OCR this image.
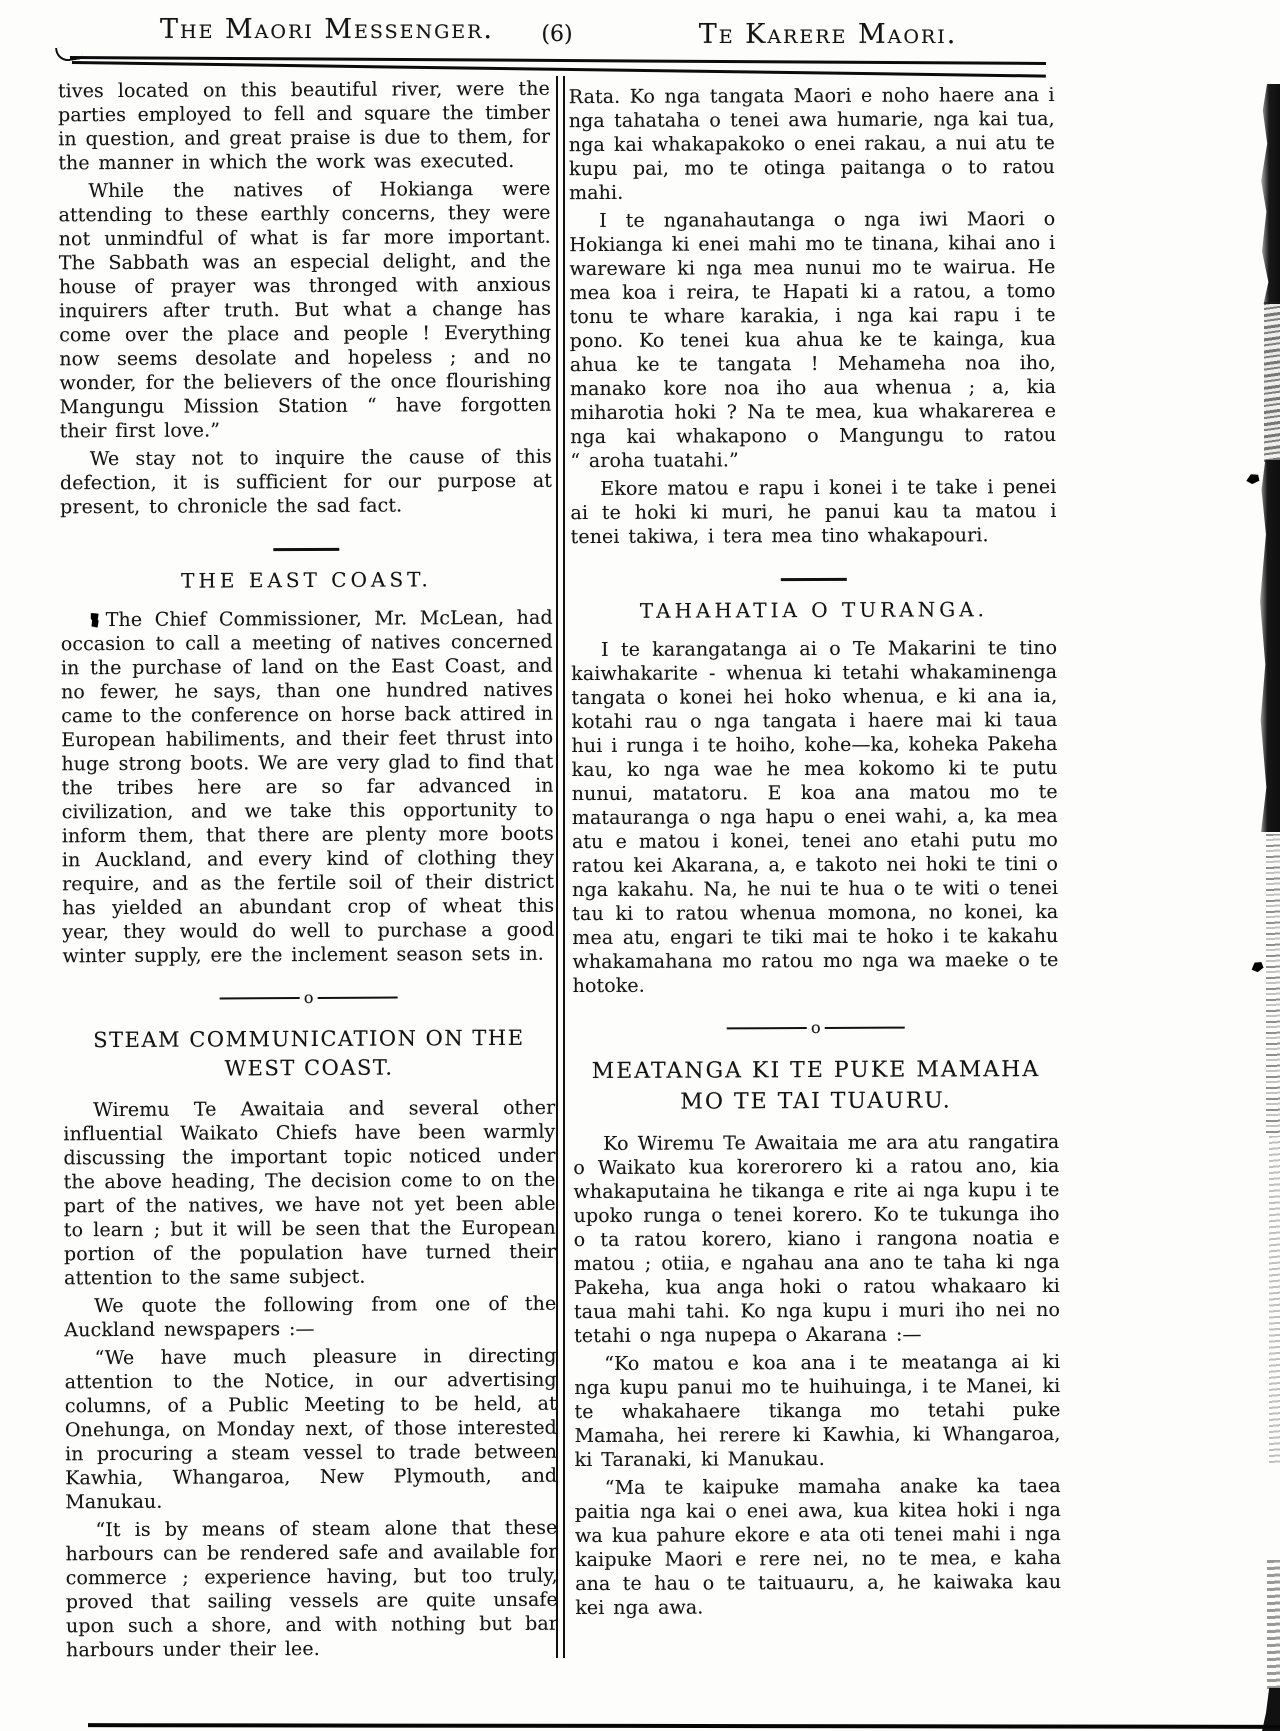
The Maori Messenger.	(6)	Te Karere Maori.

tives located on this beautiful river, were the parties employed to fell and square the timber in question, and great praise is due to them, for the manner in which the work was executed.

While the natives of Hokianga were attending to these earthly concerns, they were not unmindful of what is far more important. The Sabbath was an especial delight, and the house of prayer was thronged with anxious inquirers after truth. But what a change has come over the place and people ! Everything now seems desolate and hopeless ; and no wonder, for the believers of the once flourishing Mangungu Mission Station “ have forgotten their first love.”

We stay not to inquire the cause of this defection, it is sufficient for our purpose at present, to chronicle the sad fact.

THE EAST COAST.

The Chief Commissioner, Mr. McLean, had occasion to call a meeting of natives concerned in the purchase of land on the East Coast, and no fewer, he says, than one hundred natives came to the conference on horse back attired in European habiliments, and their feet thrust into huge strong boots. We are very glad to find that the tribes here are so far advanced in civilization, and we take this opportunity to inform them, that there are plenty more boots in Auckland, and every kind of clothing they require, and as the fertile soil of their district has yielded an abundant crop of wheat this year, they would do well to purchase a good winter supply, ere the inclement season sets in.

o
STEAM COMMUNICATION ON THE WEST COAST.

Wiremu Te Awaitaia and several other influential Waikato Chiefs have been warmly discussing the important topic noticed under the above heading, The decision come to on the part of the natives, we have not yet been able to learn ; but it will be seen that the European portion of the population have turned their attention to the same subject.

We quote the following from one of the Auckland newspapers :—

“We have much pleasure in directing attention to the Notice, in our advertising columns, of a Public Meeting to be held, at Onehunga, on Monday next, of those interested in procuring a steam vessel to trade between Kawhia, Whangaroa, New Plymouth, and Manukau.

“It is by means of steam alone that these harbours can be rendered safe and available for commerce ; experience having, but too truly, proved that sailing vessels are quite unsafe upon such a shore, and with nothing but bar harbours under their lee.

Rata. Ko nga tangata Maori e noho haere ana i nga tahataha o tenei awa humarie, nga kai tua, nga kai whakapakoko o enei rakau, a nui atu te kupu pai, mo te otinga paitanga o to ratou mahi.

I te nganahautanga o nga iwi Maori o Hokianga ki enei mahi mo te tinana, kihai ano i wareware ki nga mea nunui mo te wairua. He mea koa i reira, te Hapati ki a ratou, a tomo tonu te whare karakia, i nga kai rapu i te pono. Ko tenei kua ahua ke te kainga, kua ahua ke te tangata ! Mehameha noa iho, manako kore noa iho aua whenua ; a, kia miharotia hoki ? Na te mea, kua whakarerea e nga kai whakapono o Mangungu to ratou “ aroha tuatahi.”

Ekore matou e rapu i konei i te take i penei ai te hoki ki muri, he panui kau ta matou i tenei takiwa, i tera mea tino whakapouri.

TAHAHATIA O TURANGA.

I te karangatanga ai o Te Makarini te tino kaiwhakarite - whenua ki tetahi whakaminenga tangata o konei hei hoko whenua, e ki ana ia, kotahi rau o nga tangata i haere mai ki taua hui i runga i te hoiho, kohe—ka, koheka Pakeha kau, ko nga wae he mea kokomo ki te putu nunui, matatoru. E koa ana matou mo te matauranga o nga hapu o enei wahi, a, ka mea atu e matou i konei, tenei ano etahi putu mo ratou kei Akarana, a, e takoto nei hoki te tini o nga kakahu. Na, he nui te hua o te witi o tenei tau ki to ratou whenua momona, no konei, ka mea atu, engari te tiki mai te hoko i te kakahu whakamahana mo ratou mo nga wa maeke o te hotoke.

o
MEATANGA KI TE PUKE MAMAHA MO TE TAI TUAURU.

Ko Wiremu Te Awaitaia me ara atu rangatira o Waikato kua korerorero ki a ratou ano, kia whakaputaina he tikanga e rite ai nga kupu i te upoko runga o tenei korero. Ko te tukunga iho o ta ratou korero, kiano i rangona noatia e matou ; otiia, e ngahau ana ano te taha ki nga Pakeha, kua anga hoki o ratou whakaaro ki taua mahi tahi. Ko nga kupu i muri iho nei no tetahi o nga nupepa o Akarana :—

“Ko matou e koa ana i te meatanga ai ki nga kupu panui mo te huihuinga, i te Manei, ki te whakahaere tikanga mo tetahi puke Mamaha, hei rerere ki Kawhia, ki Whangaroa, ki Taranaki, ki Manukau.

“Ma te kaipuke mamaha anake ka taea paitia nga kai o enei awa, kua kitea hoki i nga wa kua pahure ekore e ata oti tenei mahi i nga kaipuke Maori e rere nei, no te mea, e kaha ana te hau o te taituauru, a, he kaiwaka kau kei nga awa.
